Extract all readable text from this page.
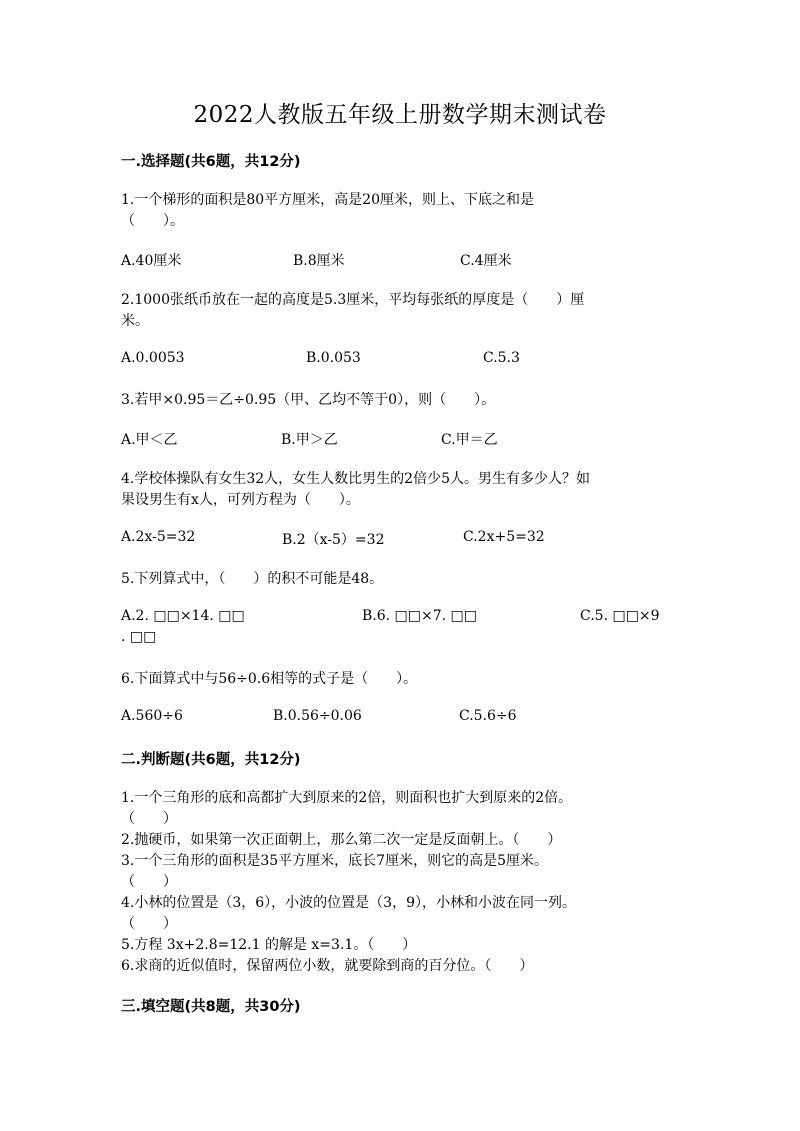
2022人教版五年级上册数学期末测试卷
一.选择题(共6题，共12分)
1.一个梯形的面积是80平方厘米，高是20厘米，则上、下底之和是
（　　）。
A.40厘米	B.8厘米	C.4厘米
2.1000张纸币放在一起的高度是5.3厘米，平均每张纸的厚度是（　　）厘
米。
A.0.0053	B.0.053	C.5.3
3.若甲×0.95＝乙÷0.95（甲、乙均不等于0），则（　　）。
A.甲＜乙	B.甲＞乙	C.甲＝乙
4.学校体操队有女生32人，女生人数比男生的2倍少5人。男生有多少人？如
果设男生有x人，可列方程为（　　）。
A.2x-5=32	B.2（x-5）=32	C.2x+5=32
5.下列算式中，（　　）的积不可能是48。
A.2. □□×14. □□	B.6. □□×7. □□	C.5. □□×9
. □□
6.下面算式中与56÷0.6相等的式子是（　　）。
A.560÷6	B.0.56÷0.06	C.5.6÷6
二.判断题(共6题，共12分)
1.一个三角形的底和高都扩大到原来的2倍，则面积也扩大到原来的2倍。
（　　）
2.抛硬币，如果第一次正面朝上，那么第二次一定是反面朝上。（　　）
3.一个三角形的面积是35平方厘米，底长7厘米，则它的高是5厘米。
（　　）
4.小林的位置是（3，6），小波的位置是（3，9），小林和小波在同一列。
（　　）
5.方程 3x+2.8=12.1 的解是 x=3.1。（　　）
6.求商的近似值时，保留两位小数，就要除到商的百分位。（　　）
三.填空题(共8题，共30分)
